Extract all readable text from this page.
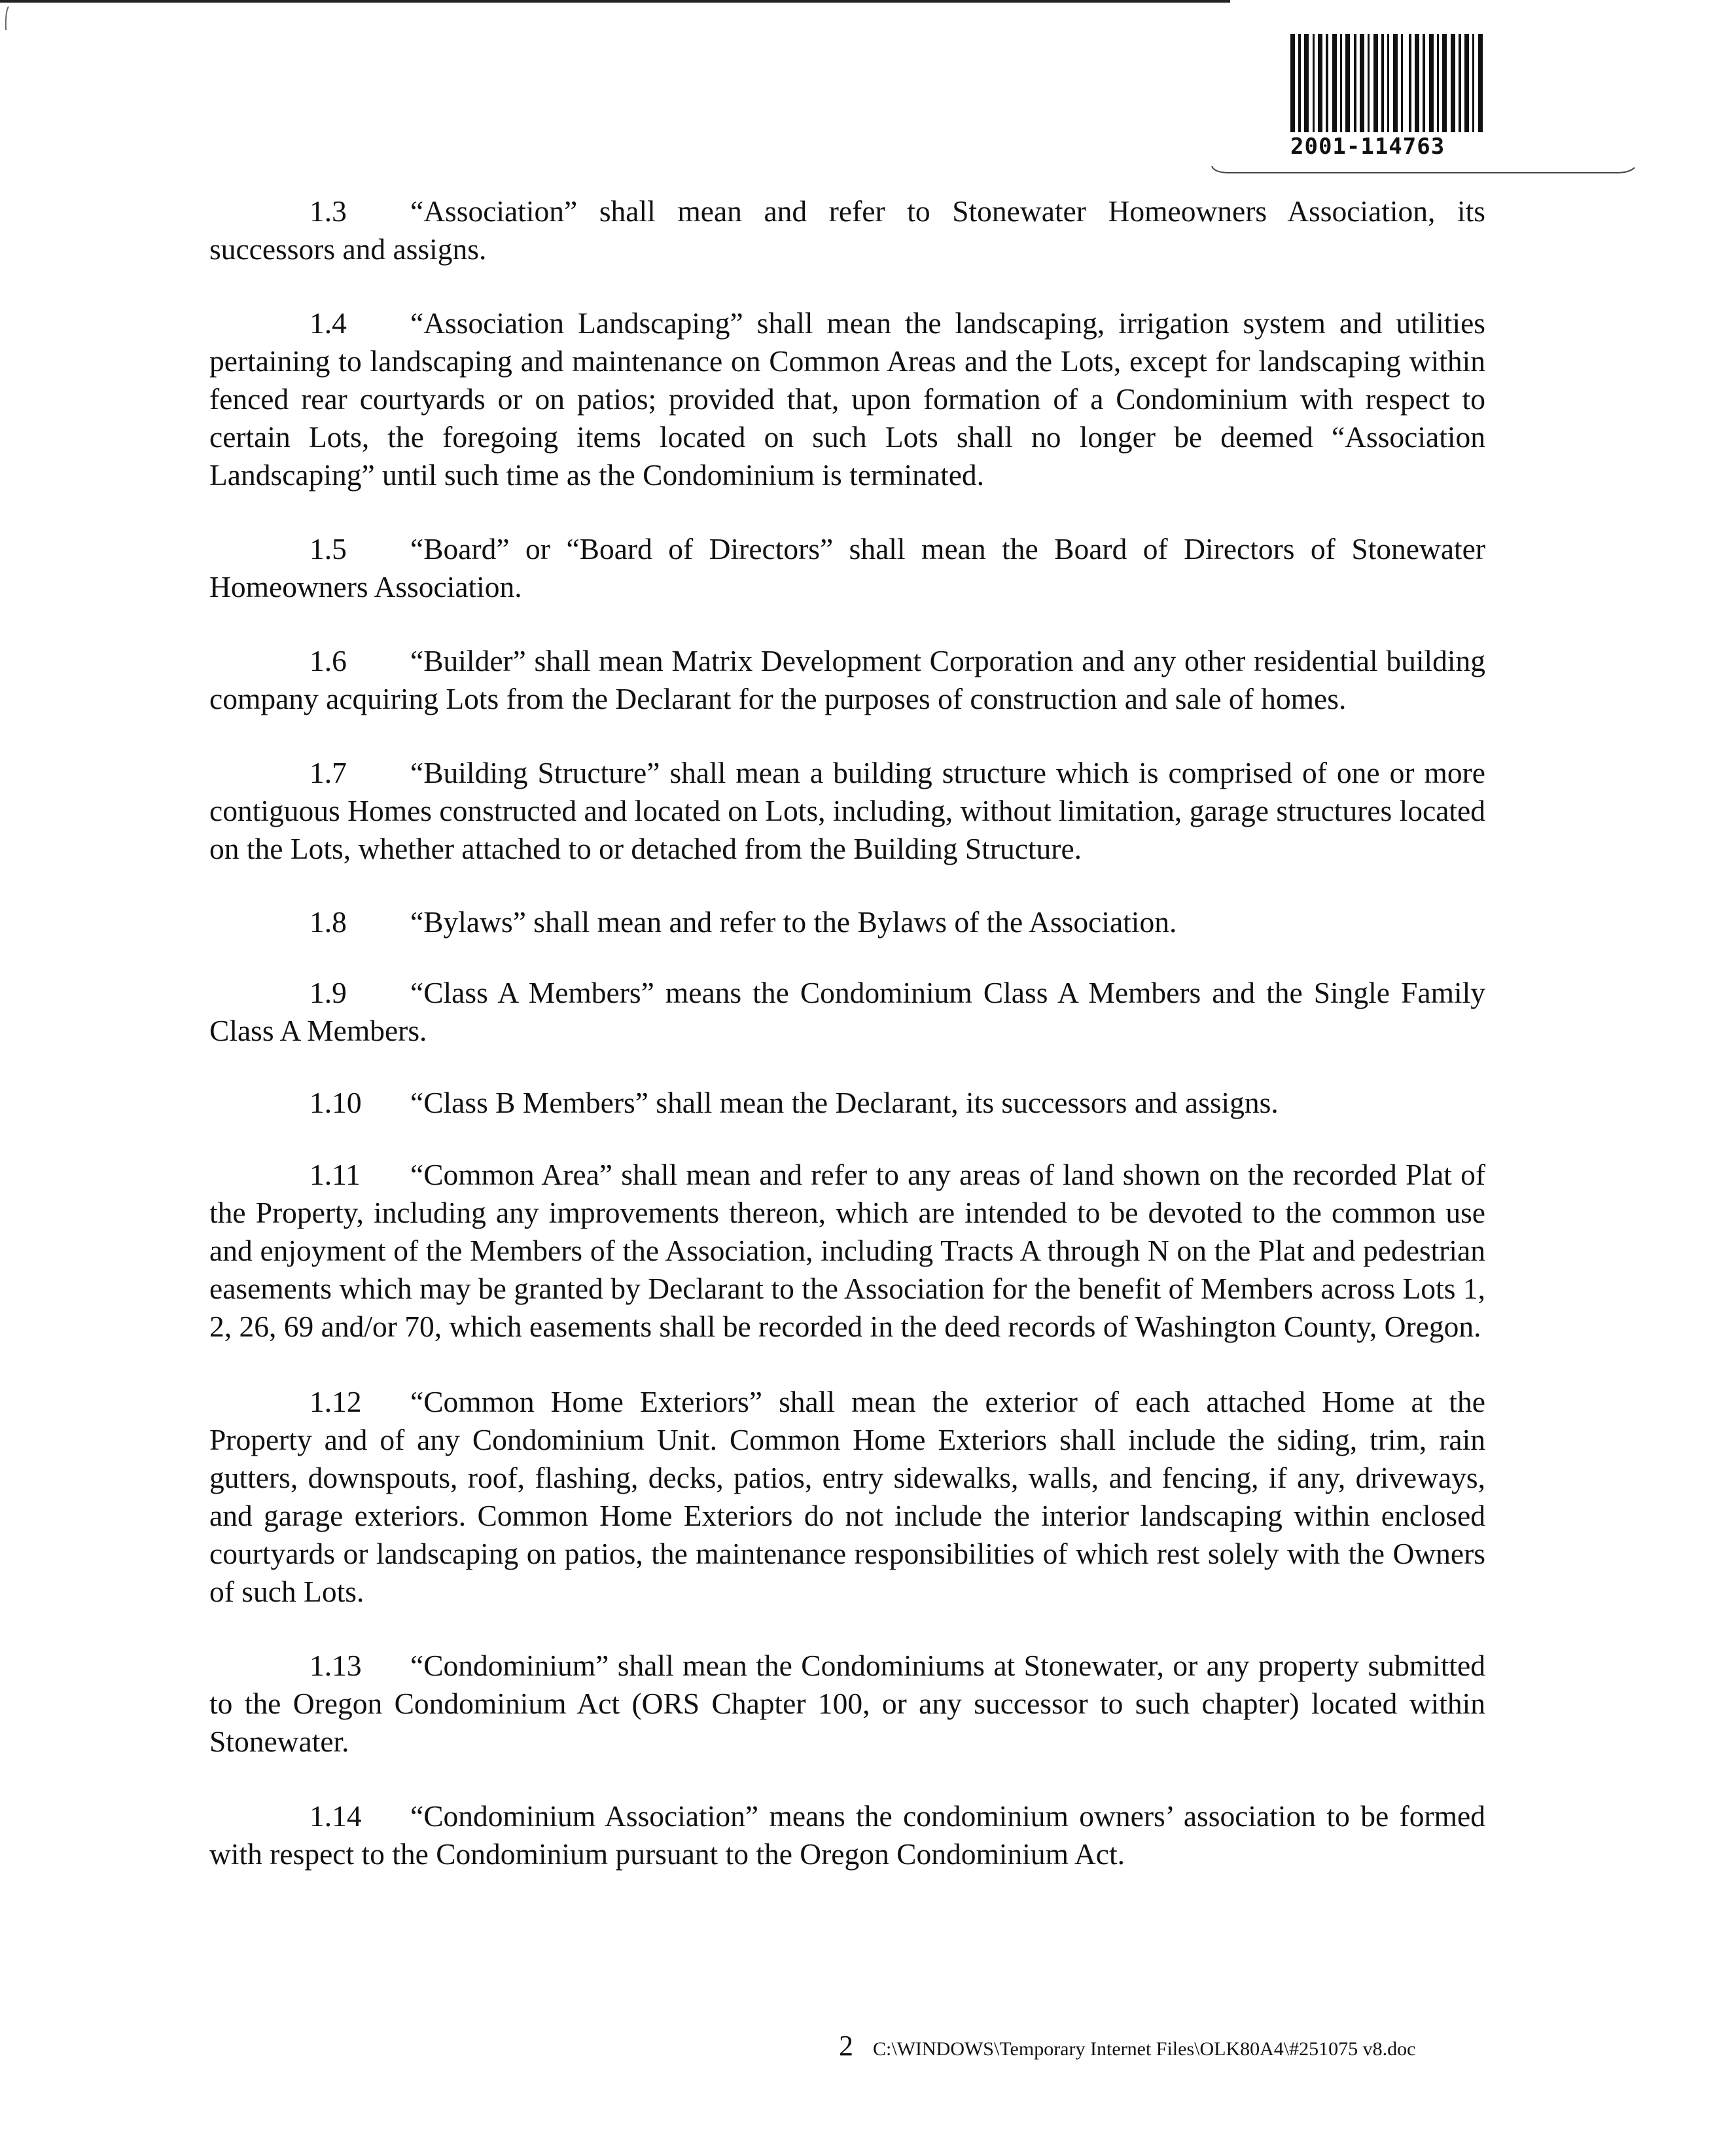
2001-114763

1.3 “Association” shall mean and refer to Stonewater Homeowners Association, its successors and assigns.

1.4 “Association Landscaping” shall mean the landscaping, irrigation system and utilities pertaining to landscaping and maintenance on Common Areas and the Lots, except for landscaping within fenced rear courtyards or on patios; provided that, upon formation of a Condominium with respect to certain Lots, the foregoing items located on such Lots shall no longer be deemed “Association Landscaping” until such time as the Condominium is terminated.

1.5 “Board” or “Board of Directors” shall mean the Board of Directors of Stonewater Homeowners Association.

1.6 “Builder” shall mean Matrix Development Corporation and any other residential building company acquiring Lots from the Declarant for the purposes of construction and sale of homes.

1.7 “Building Structure” shall mean a building structure which is comprised of one or more contiguous Homes constructed and located on Lots, including, without limitation, garage structures located on the Lots, whether attached to or detached from the Building Structure.

1.8 “Bylaws” shall mean and refer to the Bylaws of the Association.

1.9 “Class A Members” means the Condominium Class A Members and the Single Family Class A Members.

1.10 “Class B Members” shall mean the Declarant, its successors and assigns.

1.11 “Common Area” shall mean and refer to any areas of land shown on the recorded Plat of the Property, including any improvements thereon, which are intended to be devoted to the common use and enjoyment of the Members of the Association, including Tracts A through N on the Plat and pedestrian easements which may be granted by Declarant to the Association for the benefit of Members across Lots 1, 2, 26, 69 and/or 70, which easements shall be recorded in the deed records of Washington County, Oregon.

1.12 “Common Home Exteriors” shall mean the exterior of each attached Home at the Property and of any Condominium Unit. Common Home Exteriors shall include the siding, trim, rain gutters, downspouts, roof, flashing, decks, patios, entry sidewalks, walls, and fencing, if any, driveways, and garage exteriors. Common Home Exteriors do not include the interior landscaping within enclosed courtyards or landscaping on patios, the maintenance responsibilities of which rest solely with the Owners of such Lots.

1.13 “Condominium” shall mean the Condominiums at Stonewater, or any property submitted to the Oregon Condominium Act (ORS Chapter 100, or any successor to such chapter) located within Stonewater.

1.14 “Condominium Association” means the condominium owners’ association to be formed with respect to the Condominium pursuant to the Oregon Condominium Act.

2 C:\WINDOWS\Temporary Internet Files\OLK80A4\#251075 v8.doc
